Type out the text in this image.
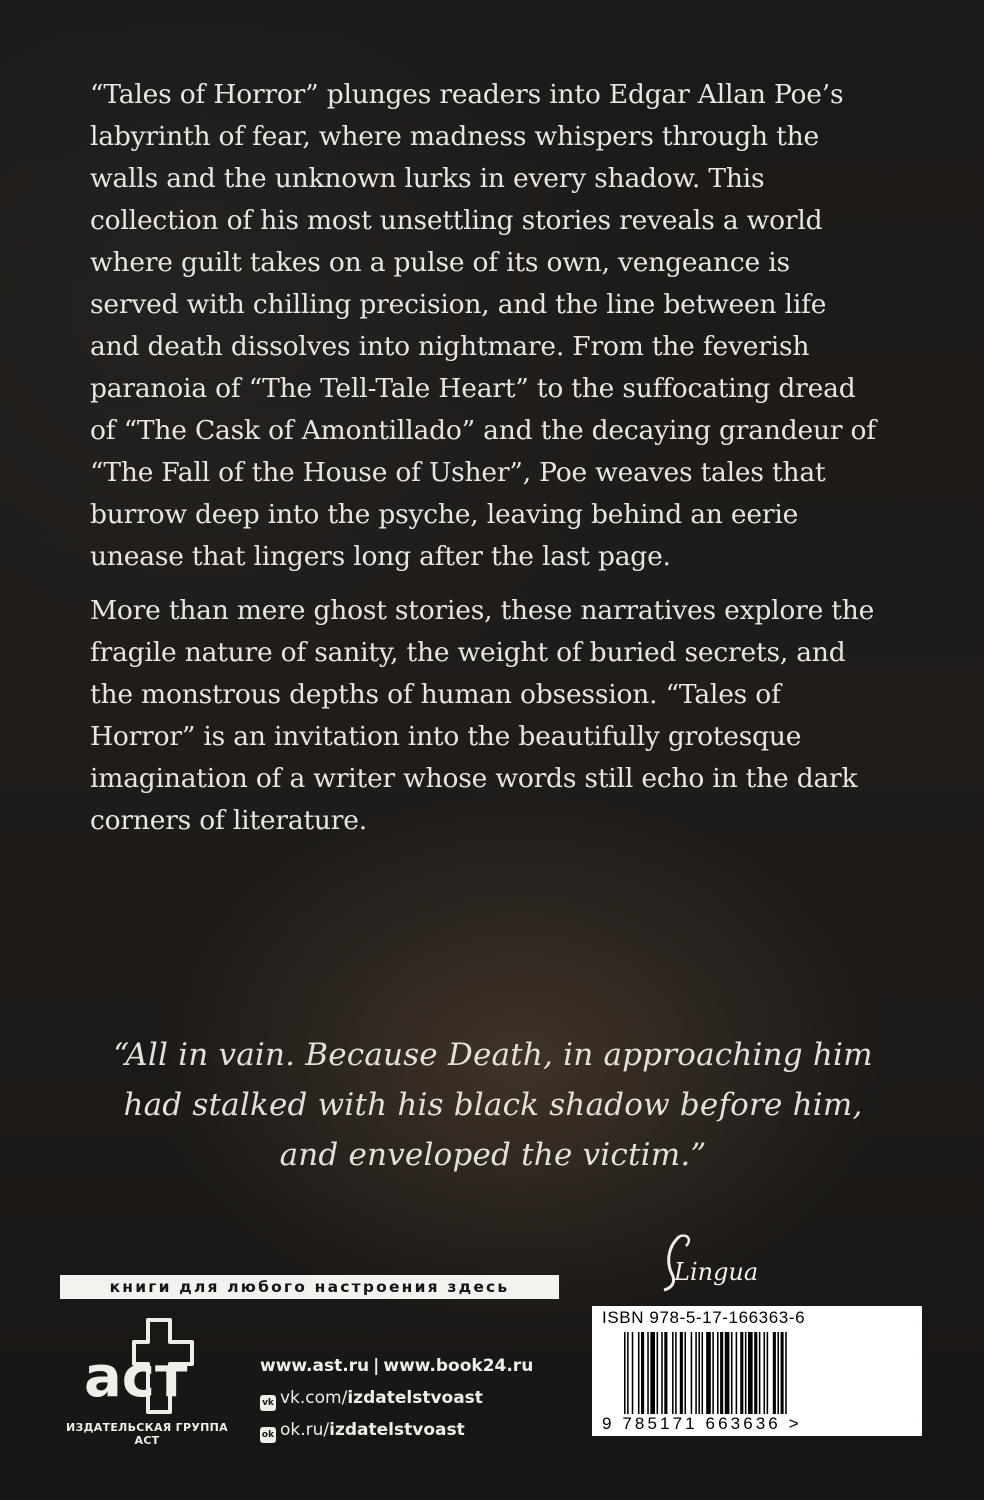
“Tales of Horror” plunges readers into Edgar Allan Poe’s labyrinth of fear, where madness whispers through the walls and the unknown lurks in every shadow. This collection of his most unsettling stories reveals a world where guilt takes on a pulse of its own, vengeance is served with chilling precision, and the line between life and death dissolves into nightmare. From the feverish paranoia of “The Tell-Tale Heart” to the suffocating dread of “The Cask of Amontillado” and the decaying grandeur of “The Fall of the House of Usher”, Poe weaves tales that burrow deep into the psyche, leaving behind an eerie unease that lingers long after the last page.

More than mere ghost stories, these narratives explore the fragile nature of sanity, the weight of buried secrets, and the monstrous depths of human obsession. “Tales of Horror” is an invitation into the beautifully grotesque imagination of a writer whose words still echo in the dark corners of literature.

“All in vain. Because Death, in approaching him had stalked with his black shadow before him, and enveloped the victim.”
Lingua
книги для любого настроения здесь
аст
ИЗДАТЕЛЬСКАЯ ГРУППА АСТ
www.ast.ru | www.book24.ru
vk vk.com/izdatelstvoast
ok ok.ru/izdatelstvoast
ISBN 978-5-17-166363-6
9 785171 663636 >
